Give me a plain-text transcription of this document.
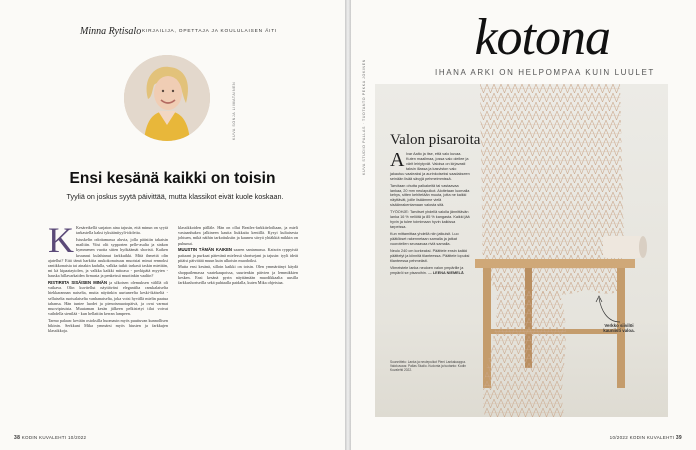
Minna Rytisalo KIRJAILIJA, OPETTAJA JA KOULULAISEN ÄITI
KUVA SONJA LIIMATAINEN
Ensi kesänä kaikki on toisin
Tyyliä on joskus syytä päivittää, mutta klassikot eivät kuole koskaan.

K Kesäretkellä sarjaton aina tajusin, että minun on syytä tarkastella kaksi tyksäänityyli-idoleita.

Istuskelin odottamassa aluvia, jolla päästiin takaisin mailtiin. Viisi olit sypporien pelle-asalta ja sinkon kymmenen vuotta sitten hyökäämät shortsit. Kaiken kruunasi kulahtanut farkkuikki. Mitä ihmettä olin ajatellut? Että tämä harkitta asukokonaisuus muotsiai minut rennoksi rantikkonaisia tai ainakin kadulla, valkka tutkit tarkasti taskin mietitän, mi kä kipaatayiolen, ja valkka kaikki mitoasa - povkipätä myyten - hauska hillavarkaiden firmasta ja penkeissä muotinkin vaaliin?

RISTIRIITA SISÄISEN MINÄN ja ulkoisen olemuksen välillä oli vaikava. Olin kuvitellut näyttäväni elegantilta ranskalaiselta hiekkarannan naiselta, mutta näytinkin uurtuneelta keski-ikäiseltä - sellaiselta ruotsalaiselta vanhanaiselta, joka voisi hyvällä mielin paatua tahansa. Hän tuntee luodet ja pienoismuotopäivä, ja ovat varmat muovipiruista. Muutaman kesän jälkeen pelkistetyt tilat voivat vaihdella sienilää - kun hellattiin kerran lampeen.

Tarmo palaan: kevään ostoksilla huomasin myös puuttuvan kunnollisen bikinin. Serkkuni Mika ymmärsi myös hiusten ja farkkujen klassikkoja.

klassikkoiden pälläle. Hän on ollut Beatles-farkkiteloiltaan, ja mieli vastaanhukea jalkineen kautta liukkaita kentillä. Kysyi kultaisesta johtuen, mikä näihin tarkoituksiin ja kauneu sävyä yhtäkkiä mikkin on puhunut.

MUUSTIN TÄMÄN KAIKEN saaren santamassa. Katsoin ryppyistä paitaani ja purkaat pätevänä mielessä shortsejani ja tajusin: tyyli ideät pitäisi päivittää muun kuin ulkoisin muodoiksi.

Mutta ensi kesänä, silloin kaikki on toisin. Olen ymmärtänyt käydä shoppailemassa vaatekaupoissa, suurtenkin päivien ja lemmikkien kesken. Ensi kesänä pyrin näyttämään muodikkaalta uusilla farkkushortseilla sekä puhtaalla paidalla, kuten Mika ohjeistaa.

38 KODIN KUVALEHTI 10/2022
kotona
IHANA ARKI ON HELPOMPAA KUIN LUULET
KUVA STUDIO PALLAS · TUOTANTO PEKKA JOKINEN Valon pisaroita

A Ivar Aalto ja itse, että valo kuvaa. Kuten maailmaa, jossa valo oleilee ja värit leiriytyvät. Valoisa on kirjavasti taksin illassa ja kasviston valo jakautuu vaaleaksi ja aurinkoiseksi saadakseen seinään lisää sävyjä pehmeimmissä.

Tarvitaan ohutta palkakeitä tai vastaavaa lankaa, 20 mm neulapuikot. Aloitetaan luomalla kehys, sitten kehitetään muuta, jotta ne kaikki näyttävät, joille lisäämme vielä sisäänrakentamaan valosta sitä.

TYÖOHJE: Tarvitset yhdellä valolla jännittävän lanka 16 % neliötä ja 85 % kangasta. Kaikki jää hyvin ja tulee toimimaan hyvin kaikissa tarpeissa.

Kun mittamittaa yhdellä niin jatkuisit. Luo päätökset rakennetaan samalla ja jatkat vuorotellen seuraavaa riviä samalla.

Neulo 240 cm korkeaksi. Päättele ensin kaikki päättelyt ja kiinnitä tilanteessa. Päättele lopuksi tilanteessa pehmeästi.

Viimeistele lanka neuloen valon ympärille ja ympäröi se pisaroihin. — LEENA NIEMELÄ

Suunnittelu: Lanka ja neulepuikot Pieni Lankakauppa. Valokuvaus: Pallas Studio. Kudonta ja tuotanto: Kodin Kuvalehti 2022.
Verkko siivilöi kauniisti valoa.
10/2022 KODIN KUVALEHTI 39
